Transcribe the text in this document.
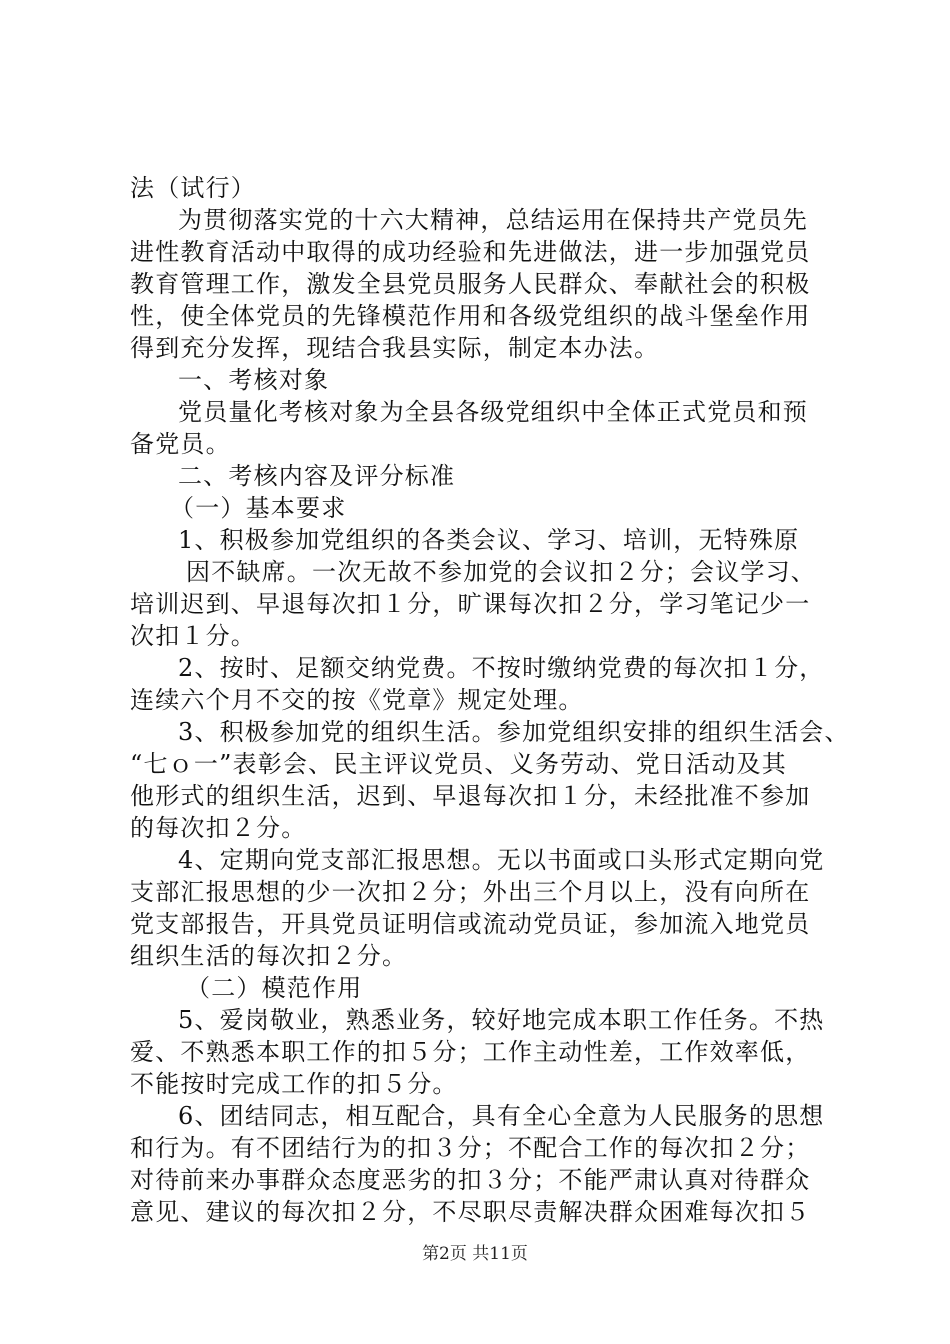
法（试行）
为贯彻落实党的十六大精神，总结运用在保持共产党员先
进性教育活动中取得的成功经验和先进做法，进一步加强党员
教育管理工作，激发全县党员服务人民群众、奉献社会的积极
性，使全体党员的先锋模范作用和各级党组织的战斗堡垒作用
得到充分发挥，现结合我县实际，制定本办法。
一、考核对象
党员量化考核对象为全县各级党组织中全体正式党员和预
备党员。
二、考核内容及评分标准
（一）基本要求
1、积极参加党组织的各类会议、学习、培训，无特殊原
因不缺席。一次无故不参加党的会议扣２分；会议学习、
培训迟到、早退每次扣１分，旷课每次扣２分，学习笔记少一
次扣１分。
2、按时、足额交纳党费。不按时缴纳党费的每次扣１分，
连续六个月不交的按《党章》规定处理。
3、积极参加党的组织生活。参加党组织安排的组织生活会、
“七ｏ一”表彰会、民主评议党员、义务劳动、党日活动及其
他形式的组织生活，迟到、早退每次扣１分，未经批准不参加
的每次扣２分。
4、定期向党支部汇报思想。无以书面或口头形式定期向党
支部汇报思想的少一次扣２分；外出三个月以上，没有向所在
党支部报告，开具党员证明信或流动党员证，参加流入地党员
组织生活的每次扣２分。
（二）模范作用
5、爱岗敬业，熟悉业务，较好地完成本职工作任务。不热
爱、不熟悉本职工作的扣５分；工作主动性差，工作效率低，
不能按时完成工作的扣５分。
6、团结同志，相互配合，具有全心全意为人民服务的思想
和行为。有不团结行为的扣３分；不配合工作的每次扣２分；
对待前来办事群众态度恶劣的扣３分；不能严肃认真对待群众
意见、建议的每次扣２分，不尽职尽责解决群众困难每次扣５
第2页 共11页
